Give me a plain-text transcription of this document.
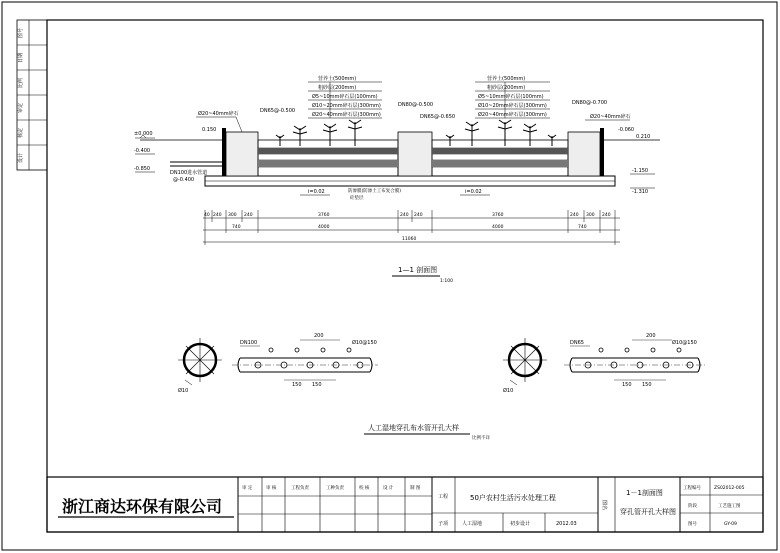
图号
日期
比例
审定
核定
设计
营养土(500mm)
粗砂层(200mm)
Ø5~10mm碎石层(100mm)
Ø10~20mm碎石层(300mm)
Ø20~40mm碎石层(300mm)
营养土(500mm)
粗砂层(200mm)
Ø5~10mm碎石层(100mm)
Ø10~20mm碎石层(300mm)
Ø20~40mm碎石层(300mm)
Ø20~40mm碎石	DN65@-0.500
DN80@-0.500
DN65@-0.650
DN80@-0.700
Ø20~40mm碎石
DN100进水管道
@-0.400
防渗膜(防渗土工布复合膜)
砼垫层
i=0.02	i=0.02
±0.000
0.150
-0.400
-0.850
-0.060
0.210
-1.150
-1.310
40 240 300 240	3760	240 240	3760	240 300 240
740	4000	4000	740
11060
1—1 剖面图
1:100
Ø10
DN100	Ø10@150
200
150 150
Ø10
DN65	Ø10@150
200
150 150
人工湿地穿孔布水管开孔大样
比例不详
浙江商达环保有限公司
审 定	审 核	工程负责	工种负责	校 核	设 计	制 图
工程	50户农村生活污水处理工程
子项	人工湿地	初步设计	2012.03
图名
1－1剖面图
穿孔管开孔大样图
工程编号	ZS02012-005
阶段	工艺施工图
图号	GY-09
